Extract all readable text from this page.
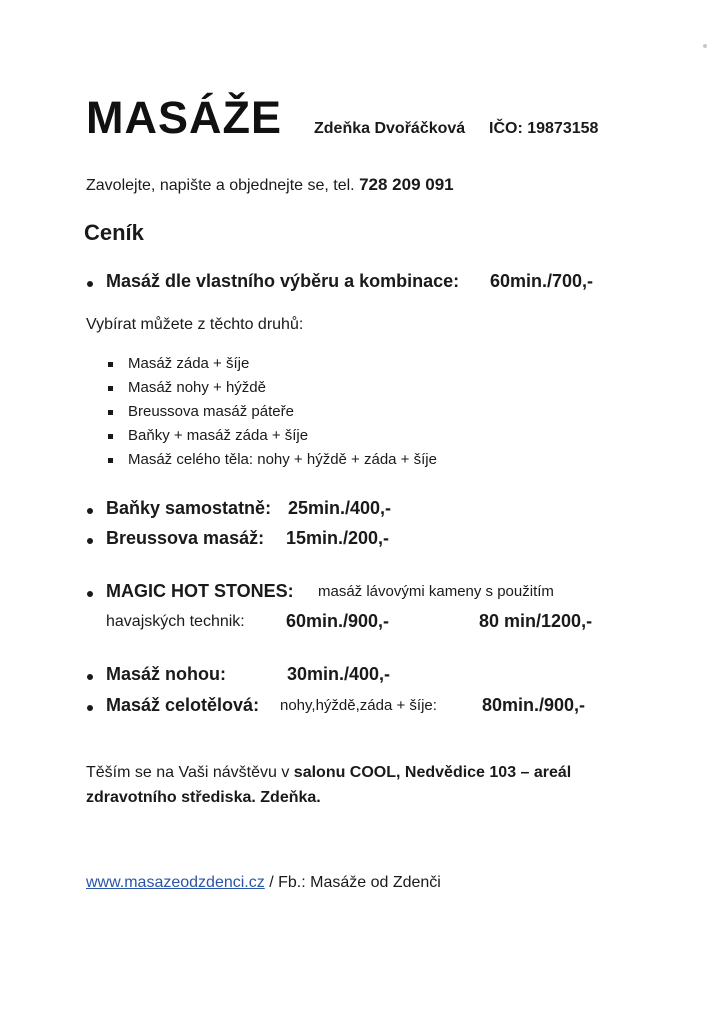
MASÁŽE Zdeňka Dvořáčková IČO: 19873158
Zavolejte, napište a objednejte se, tel. 728 209 091
Ceník
Masáž dle vlastního výběru a kombinace: 60min./700,-
Vybírat můžete z těchto druhů:
Masáž záda + šíje
Masáž nohy + hýždě
Breussova masáž páteře
Baňky + masáž záda + šíje
Masáž celého těla: nohy + hýždě + záda + šíje
Baňky samostatně: 25min./400,-
Breussova masáž: 15min./200,-
MAGIC HOT STONES: masáž lávovými kameny s použitím
havajských technik: 60min./900,-	80 min/1200,-
Masáž nohou:	30min./400,-
Masáž celotělová: nohy,hýždě,záda + šíje:	80min./900,-
Těším se na Vaši návštěvu v salonu COOL, Nedvědice 103 – areál
zdravotního střediska. Zdeňka.
www.masazeodzdenci.cz / Fb.: Masáže od Zdenči
